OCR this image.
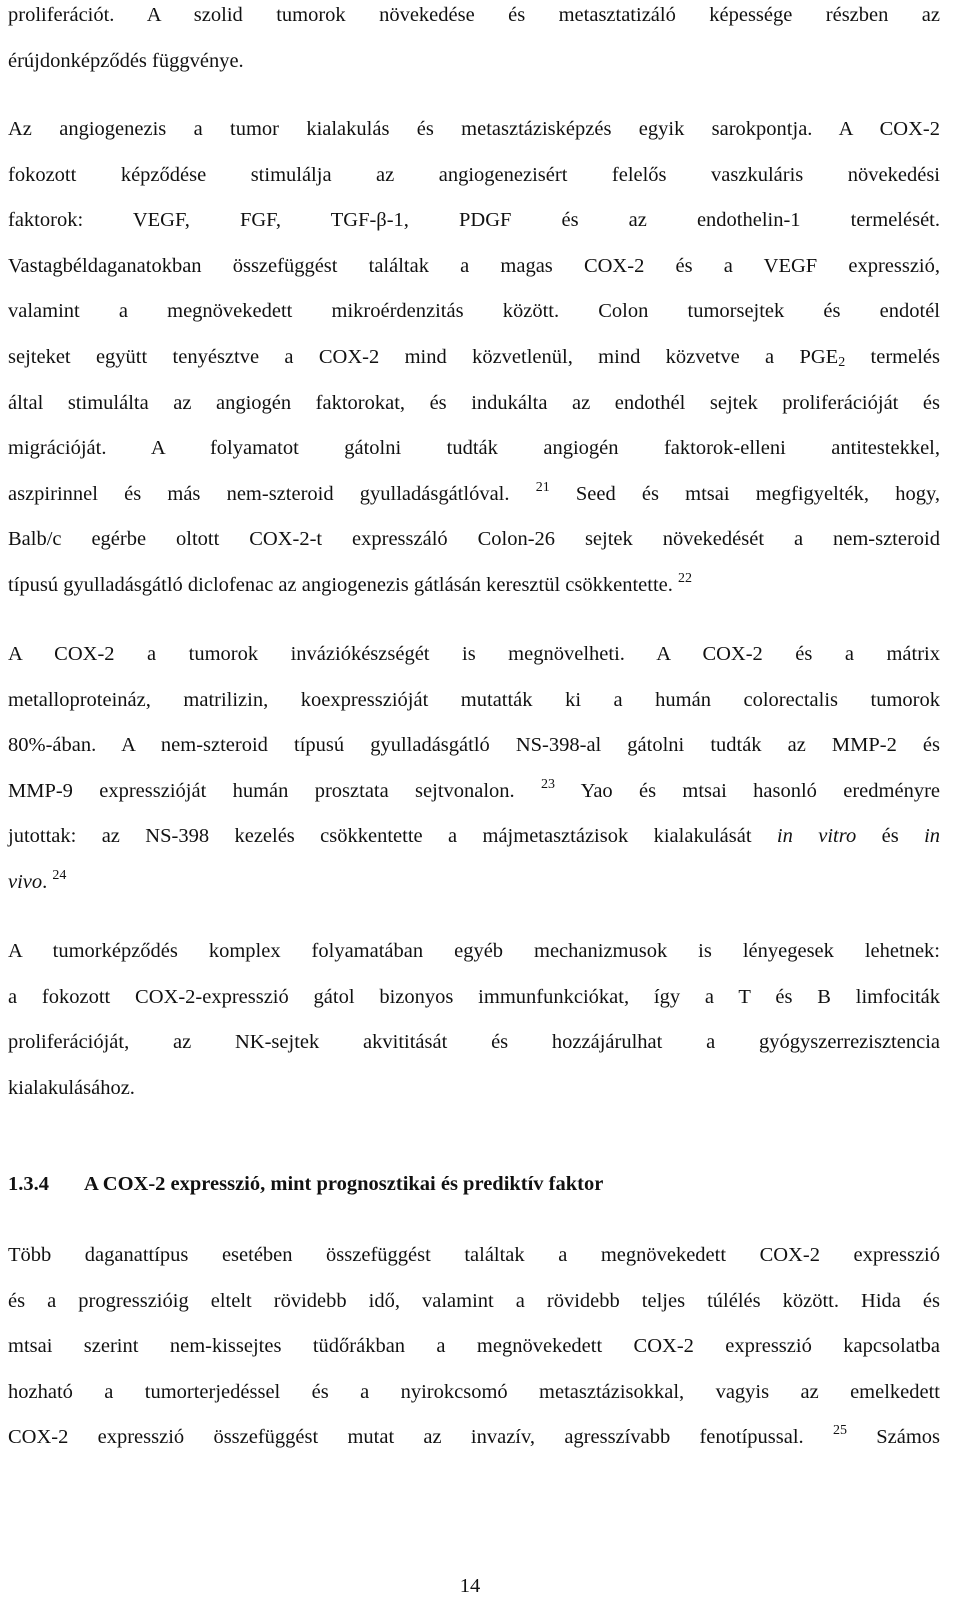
proliferációt. A szolid tumorok növekedése és metasztatizáló képessége részben az
érújdonképződés függvénye.

Az angiogenezis a tumor kialakulás és metasztázisképzés egyik sarokpontja. A COX-2
fokozott képződése stimulálja az angiogenezisért felelős vaszkuláris növekedési
faktorok: VEGF, FGF, TGF-β-1, PDGF és az endothelin-1 termelését.
Vastagbéldaganatokban összefüggést találtak a magas COX-2 és a VEGF expresszió,
valamint a megnövekedett mikroérdenzitás között. Colon tumorsejtek és endotél
sejteket együtt tenyésztve a COX-2 mind közvetlenül, mind közvetve a $PGE_2$ termelés
által stimulálta az angiogén faktorokat, és indukálta az endothél sejtek proliferációját és
migrációját. A folyamatot gátolni tudták angiogén faktorok-elleni antitestekkel,
aszpirinnel és más nem-szteroid gyulladásgátlóval. $^{21}$ Seed és mtsai megfigyelték, hogy,
Balb/c egérbe oltott COX-2-t expresszáló Colon-26 sejtek növekedését a nem-szteroid
típusú gyulladásgátló diclofenac az angiogenezis gátlásán keresztül csökkentette. $^{22}$

A COX-2 a tumorok inváziókészségét is megnövelheti. A COX-2 és a mátrix
metalloproteináz, matrilizin, koexpresszióját mutatták ki a humán colorectalis tumorok
80%-ában. A nem-szteroid típusú gyulladásgátló NS-398-al gátolni tudták az MMP-2 és
MMP-9 expresszióját humán prosztata sejtvonalon. $^{23}$ Yao és mtsai hasonló eredményre
jutottak: az NS-398 kezelés csökkentette a májmetasztázisok kialakulását in vitro és in
vivo. $^{24}$

A tumorképződés komplex folyamatában egyéb mechanizmusok is lényegesek lehetnek:
a fokozott COX-2-expresszió gátol bizonyos immunfunkciókat, így a T és B limfociták
proliferációját, az NK-sejtek akvititását és hozzájárulhat a gyógyszerrezisztencia
kialakulásához.

1.3.4 A COX-2 expresszió, mint prognosztikai és prediktív faktor

Több daganattípus esetében összefüggést találtak a megnövekedett COX-2 expresszió
és a progresszióig eltelt rövidebb idő, valamint a rövidebb teljes túlélés között. Hida és
mtsai szerint nem-kissejtes tüdőrákban a megnövekedett COX-2 expresszió kapcsolatba
hozható a tumorterjedéssel és a nyirokcsomó metasztázisokkal, vagyis az emelkedett
COX-2 expresszió összefüggést mutat az invazív, agresszívabb fenotípussal. $^{25}$ Számos

14
